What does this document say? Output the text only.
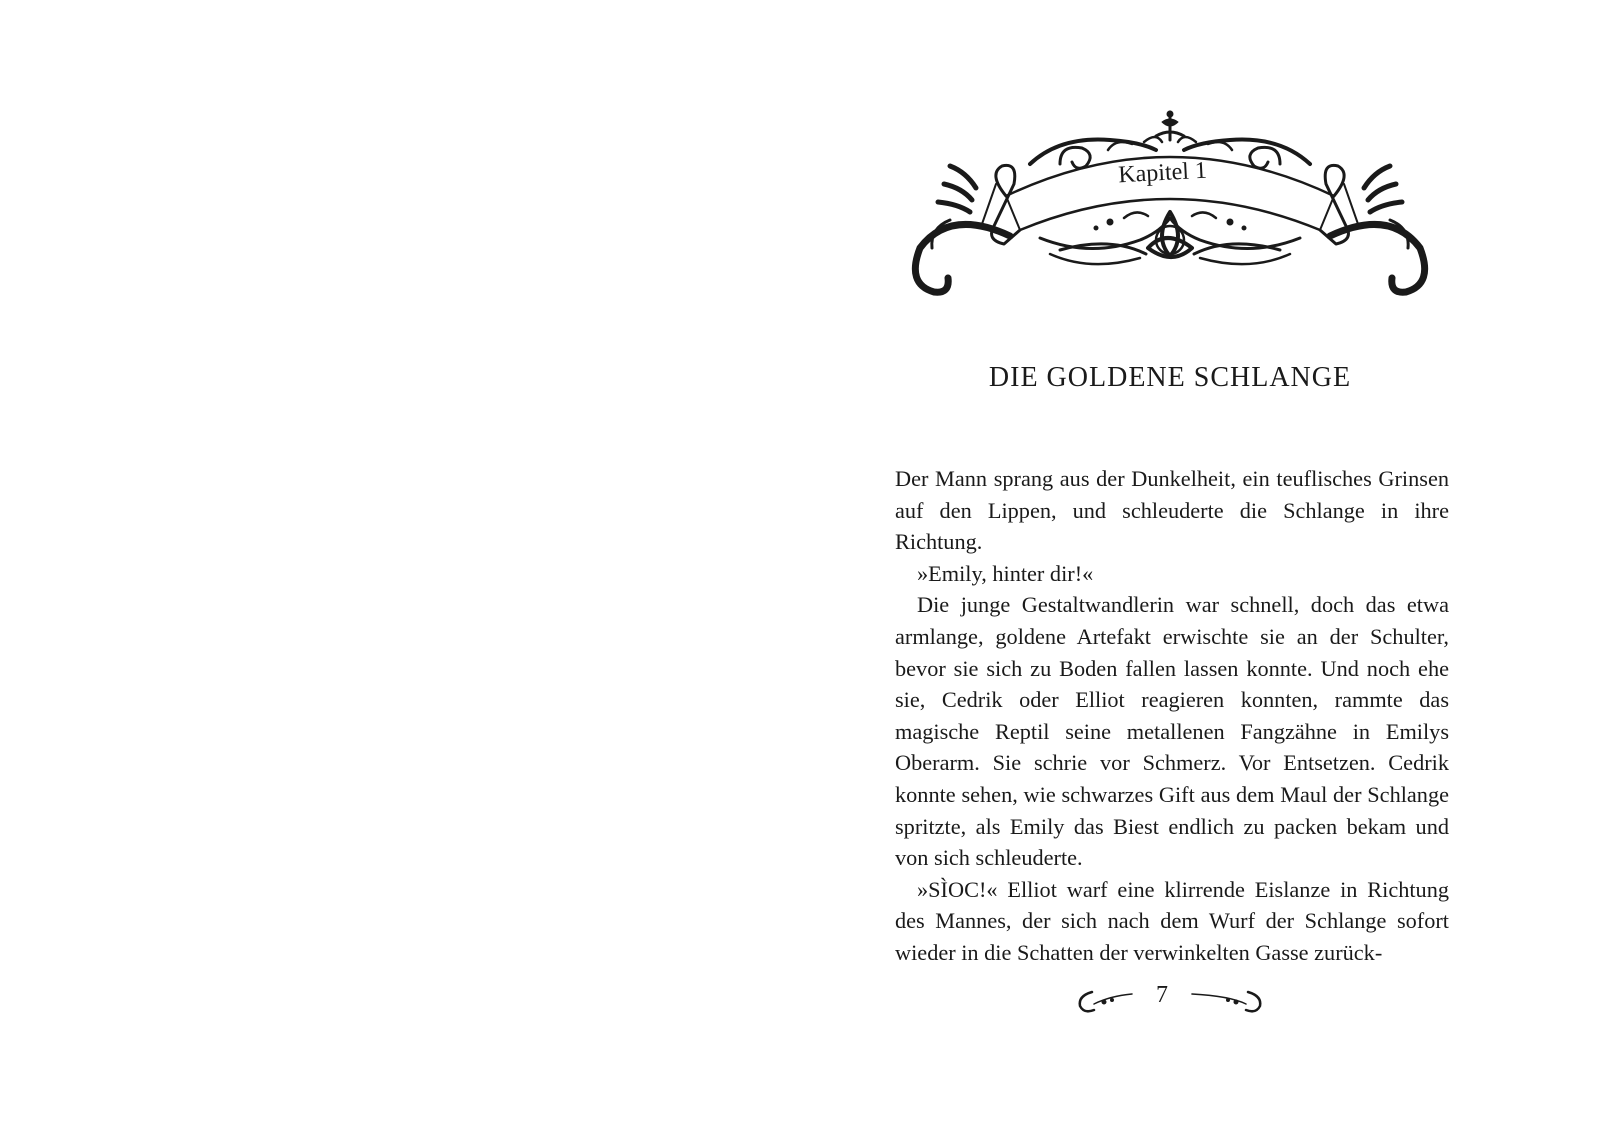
Kapitel 1
DIE GOLDENE SCHLANGE

Der Mann sprang aus der Dunkelheit, ein teuflisches Grinsen auf den Lippen, und schleuderte die Schlange in ihre Richtung.

»Emily, hinter dir!«

Die junge Gestaltwandlerin war schnell, doch das etwa armlange, goldene Artefakt erwischte sie an der Schulter, bevor sie sich zu Boden fallen lassen konnte. Und noch ehe sie, Cedrik oder Elliot reagieren konnten, rammte das magische Reptil seine metallenen Fangzähne in Emilys Oberarm. Sie schrie vor Schmerz. Vor Entsetzen. Cedrik konnte sehen, wie schwarzes Gift aus dem Maul der Schlange spritzte, als Emily das Biest endlich zu packen bekam und von sich schleuderte.

»SÌOC!« Elliot warf eine klirrende Eislanze in Richtung des Mannes, der sich nach dem Wurf der Schlange sofort wieder in die Schatten der verwinkelten Gasse zurück-

7
